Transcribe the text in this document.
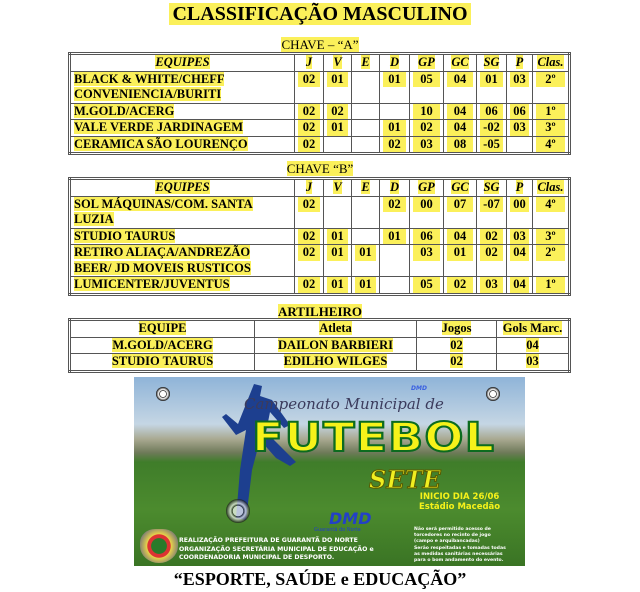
CLASSIFICAÇÃO MASCULINO
CHAVE – “A”
EQUIPES	J	V	E	D	GP	GC	SG	P	Clas.
BLACK & WHITE/CHEFF
CONVENIENCIA/BURITI	02	01		01	05	04	01	03	2º
M.GOLD/ACERG	02	02			10	04	06	06	1º
VALE VERDE JARDINAGEM	02	01		01	02	04	-02	03	3º
CERAMICA SÃO LOURENÇO	02			02	03	08	-05		4º
CHAVE “B”
EQUIPES	J	V	E	D	GP	GC	SG	P	Clas.
SOL MÁQUINAS/COM. SANTA
LUZIA	02			02	00	07	-07	00	4º
STUDIO TAURUS	02	01		01	06	04	02	03	3º
RETIRO ALIAÇA/ANDREZÃO
BEER/ JD MOVEIS RUSTICOS	02	01	01		03	01	02	04	2º
LUMICENTER/JUVENTUS	02	01	01		05	02	03	04	1º
ARTILHEIRO
EQUIPE	Atleta	Jogos	Gols Marc.
M.GOLD/ACERG	DAILON BARBIERI	02	04
STUDIO TAURUS	EDILHO WILGES	02	03
DMD
Campeonato Municipal de
FUTEBOL
SETE
INICIO DIA 26/06
Estádio Macedão
DMD
Guarantã do Norte
REALIZAÇÃO PREFEITURA DE GUARANTÃ DO NORTE
ORGANIZAÇÃO SECRETÁRIA MUNICIPAL DE EDUCAÇÃO e
COORDENADORIA MUNICIPAL DE DESPORTO.
Não será permitido acesso de
torcedores no recinto de jogo
(campo e arquibancadas)
Serão respeitadas e tomadas todas
as medidas sanitárias necessárias
para o bom andamento do evento.
“ESPORTE, SAÚDE e EDUCAÇÃO”
